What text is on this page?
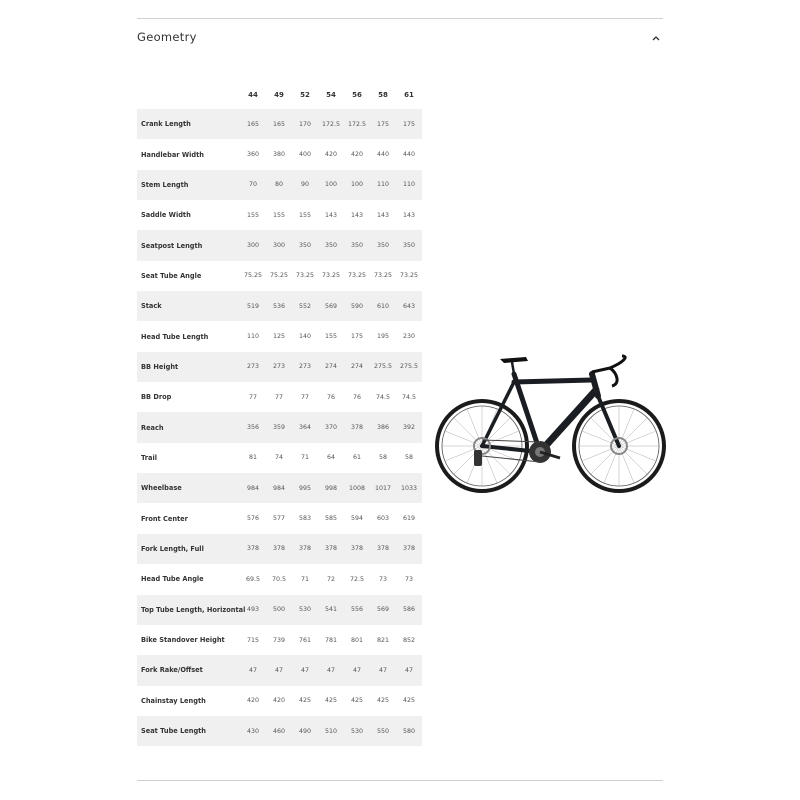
Geometry
	44	49	52	54	56	58	61
Crank Length	165	165	170	172.5	172.5	175	175
Handlebar Width	360	380	400	420	420	440	440
Stem Length	70	80	90	100	100	110	110
Saddle Width	155	155	155	143	143	143	143
Seatpost Length	300	300	350	350	350	350	350
Seat Tube Angle	75.25	75.25	73.25	73.25	73.25	73.25	73.25
Stack	519	536	552	569	590	610	643
Head Tube Length	110	125	140	155	175	195	230
BB Height	273	273	273	274	274	275.5	275.5
BB Drop	77	77	77	76	76	74.5	74.5
Reach	356	359	364	370	378	386	392
Trail	81	74	71	64	61	58	58
Wheelbase	984	984	995	998	1008	1017	1033
Front Center	576	577	583	585	594	603	619
Fork Length, Full	378	378	378	378	378	378	378
Head Tube Angle	69.5	70.5	71	72	72.5	73	73
Top Tube Length, Horizontal	493	500	530	541	556	569	586
Bike Standover Height	715	739	761	781	801	821	852
Fork Rake/Offset	47	47	47	47	47	47	47
Chainstay Length	420	420	425	425	425	425	425
Seat Tube Length	430	460	490	510	530	550	580
